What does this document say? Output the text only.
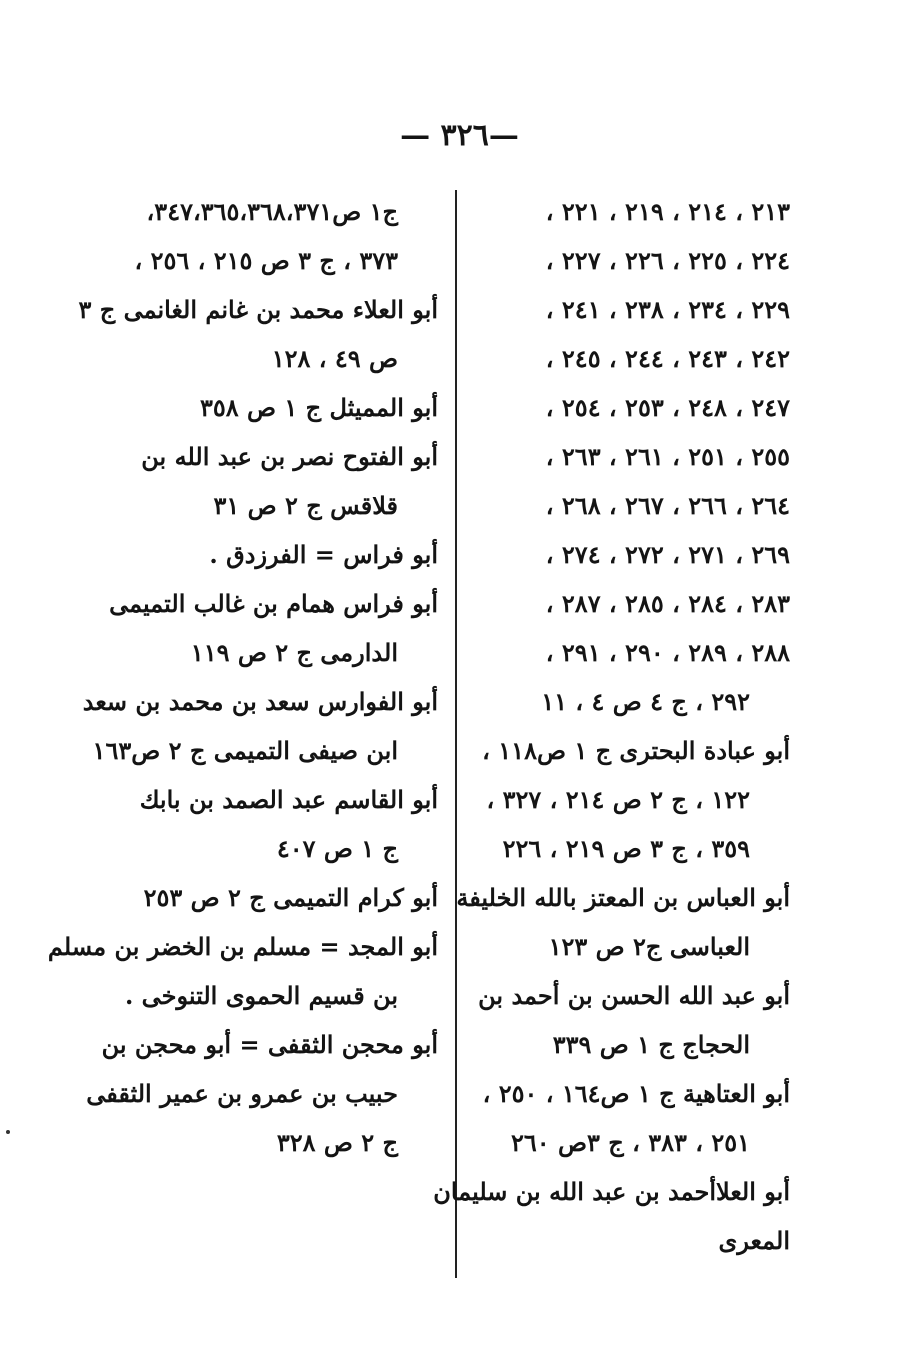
—٣٢٦ —
٢١٣ ، ٢١٤ ، ٢١٩ ، ٢٢١ ،
٢٢٤ ، ٢٢٥ ، ٢٢٦ ، ٢٢٧ ،
٢٢٩ ، ٢٣٤ ، ٢٣٨ ، ٢٤١ ،
٢٤٢ ، ٢٤٣ ، ٢٤٤ ، ٢٤٥ ،
٢٤٧ ، ٢٤٨ ، ٢٥٣ ، ٢٥٤ ،
٢٥٥ ، ٢٥١ ، ٢٦١ ، ٢٦٣ ،
٢٦٤ ، ٢٦٦ ، ٢٦٧ ، ٢٦٨ ،
٢٦٩ ، ٢٧١ ، ٢٧٢ ، ٢٧٤ ،
٢٨٣ ، ٢٨٤ ، ٢٨٥ ، ٢٨٧ ،
٢٨٨ ، ٢٨٩ ، ٢٩٠ ، ٢٩١ ،
٢٩٢ ، ج ٤ ص ٤ ، ١١
أبو عبادة البحترى ج ١ ص١١٨ ،
١٢٢ ، ج ٢ ص ٢١٤ ، ٣٢٧ ،
٣٥٩ ، ج ٣ ص ٢١٩ ، ٢٢٦
أبو العباس بن المعتز بالله الخليفة
العباسى ج٢ ص ١٢٣
أبو عبد الله الحسن بن أحمد بن
الحجاج ج ١ ص ٣٣٩
أبو العتاهية ج ١ ص١٦٤ ، ٢٥٠ ،
٢٥١ ، ٣٨٣ ، ج ٣ص ٢٦٠
أبو العلاأحمد بن عبد الله بن سليمان
المعرى
ج١ ص٣٤٧،٣٦٥،٣٦٨،٣٧١،
٣٧٣ ، ج ٣ ص ٢١٥ ، ٢٥٦ ،
أبو العلاء محمد بن غانم الغانمى ج ٣
ص ٤٩ ، ١٢٨
أبو المميثل ج ١ ص ٣٥٨
أبو الفتوح نصر بن عبد الله بن
قلاقس ج ٢ ص ٣١
أبو فراس = الفرزدق .
أبو فراس همام بن غالب التميمى
الدارمى ج ٢ ص ١١٩
أبو الفوارس سعد بن محمد بن سعد
ابن صيفى التميمى ج ٢ ص١٦٣
أبو القاسم عبد الصمد بن بابك
ج ١ ص ٤٠٧
أبو كرام التميمى ج ٢ ص ٢٥٣
أبو المجد = مسلم بن الخضر بن مسلم
بن قسيم الحموى التنوخى .
أبو محجن الثقفى = أبو محجن بن
حبيب بن عمرو بن عمير الثقفى
ج ٢ ص ٣٢٨
